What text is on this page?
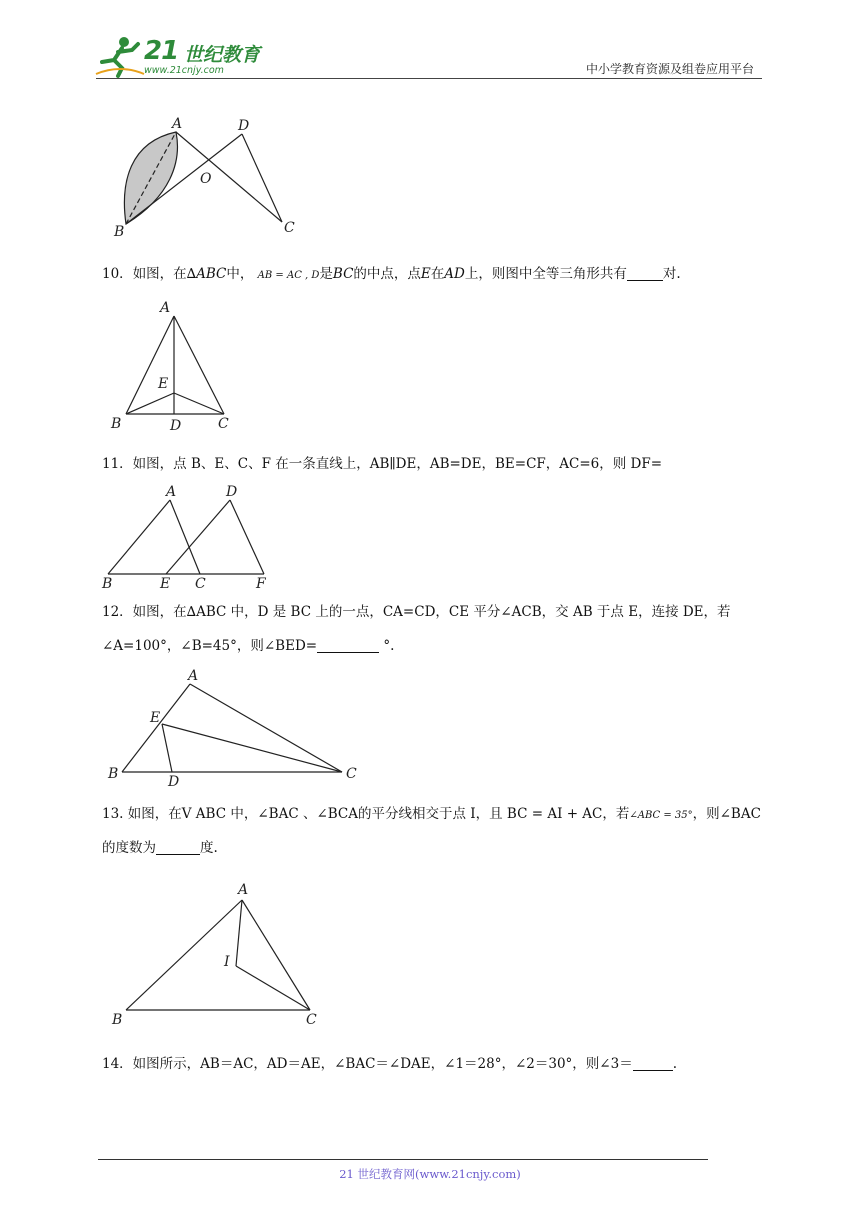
21 世纪教育
www.21cnjy.com	中小学教育资源及组卷应用平台
A	D
O
B	C
10．如图，在∆ABC中， AB = AC , D是BC的中点，点E在AD上，则图中全等三角形共有	对.
A
E
B	D	C
11．如图，点 B、E、C、F 在一条直线上，AB∥DE，AB=DE，BE=CF，AC=6，则 DF=
A	D
B	E C	F
12．如图，在∆ABC 中，D 是 BC 上的一点，CA=CD，CE 平分∠ACB，交 AB 于点 E，连接 DE，若
∠A=100°，∠B=45°，则∠BED=	°.
A
E
B	D	C
13. 如图，在V ABC 中，∠BAC 、∠BCA的平分线相交于点 I，且 BC = AI + AC，若∠ABC = 35°，则∠BAC
的度数为	度.
A
I
B	C
14．如图所示，AB＝AC，AD＝AE，∠BAC＝∠DAE，∠1＝28°，∠2＝30°，则∠3＝	.
21 世纪教育网(www.21cnjy.com)
